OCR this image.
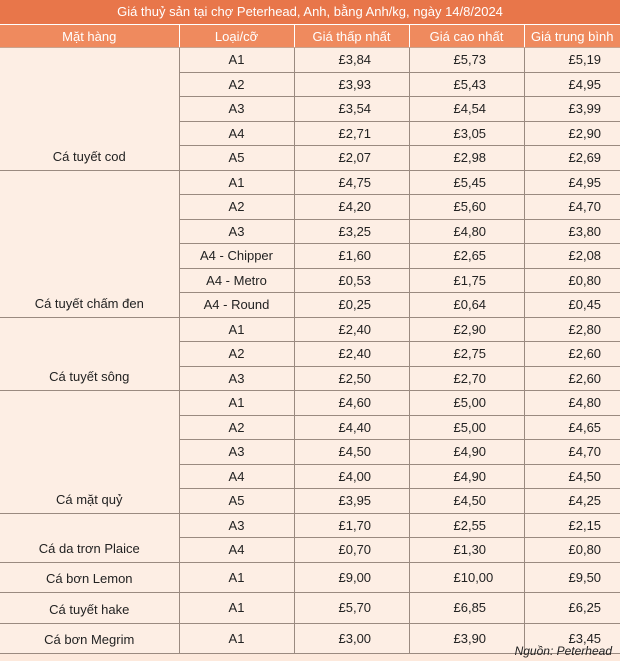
Giá thuỷ sản tại chợ Peterhead, Anh, bằng Anh/kg, ngày 14/8/2024
Mặt hàng	Loại/cỡ	Giá thấp nhất	Giá cao nhất	Giá trung bình
Cá tuyết cod	A1	£3,84	£5,73	£5,19
	A2	£3,93	£5,43	£4,95
	A3	£3,54	£4,54	£3,99
	A4	£2,71	£3,05	£2,90
	A5	£2,07	£2,98	£2,69
Cá tuyết chấm đen	A1	£4,75	£5,45	£4,95
	A2	£4,20	£5,60	£4,70
	A3	£3,25	£4,80	£3,80
	A4 - Chipper	£1,60	£2,65	£2,08
	A4 - Metro	£0,53	£1,75	£0,80
	A4 - Round	£0,25	£0,64	£0,45
Cá tuyết sông	A1	£2,40	£2,90	£2,80
	A2	£2,40	£2,75	£2,60
	A3	£2,50	£2,70	£2,60
Cá mặt quỷ	A1	£4,60	£5,00	£4,80
	A2	£4,40	£5,00	£4,65
	A3	£4,50	£4,90	£4,70
	A4	£4,00	£4,90	£4,50
	A5	£3,95	£4,50	£4,25
Cá da trơn Plaice	A3	£1,70	£2,55	£2,15
	A4	£0,70	£1,30	£0,80
Cá bơn Lemon	A1	£9,00	£10,00	£9,50
Cá tuyết hake	A1	£5,70	£6,85	£6,25
Cá bơn Megrim	A1	£3,00	£3,90	£3,45
Nguồn: Peterhead
